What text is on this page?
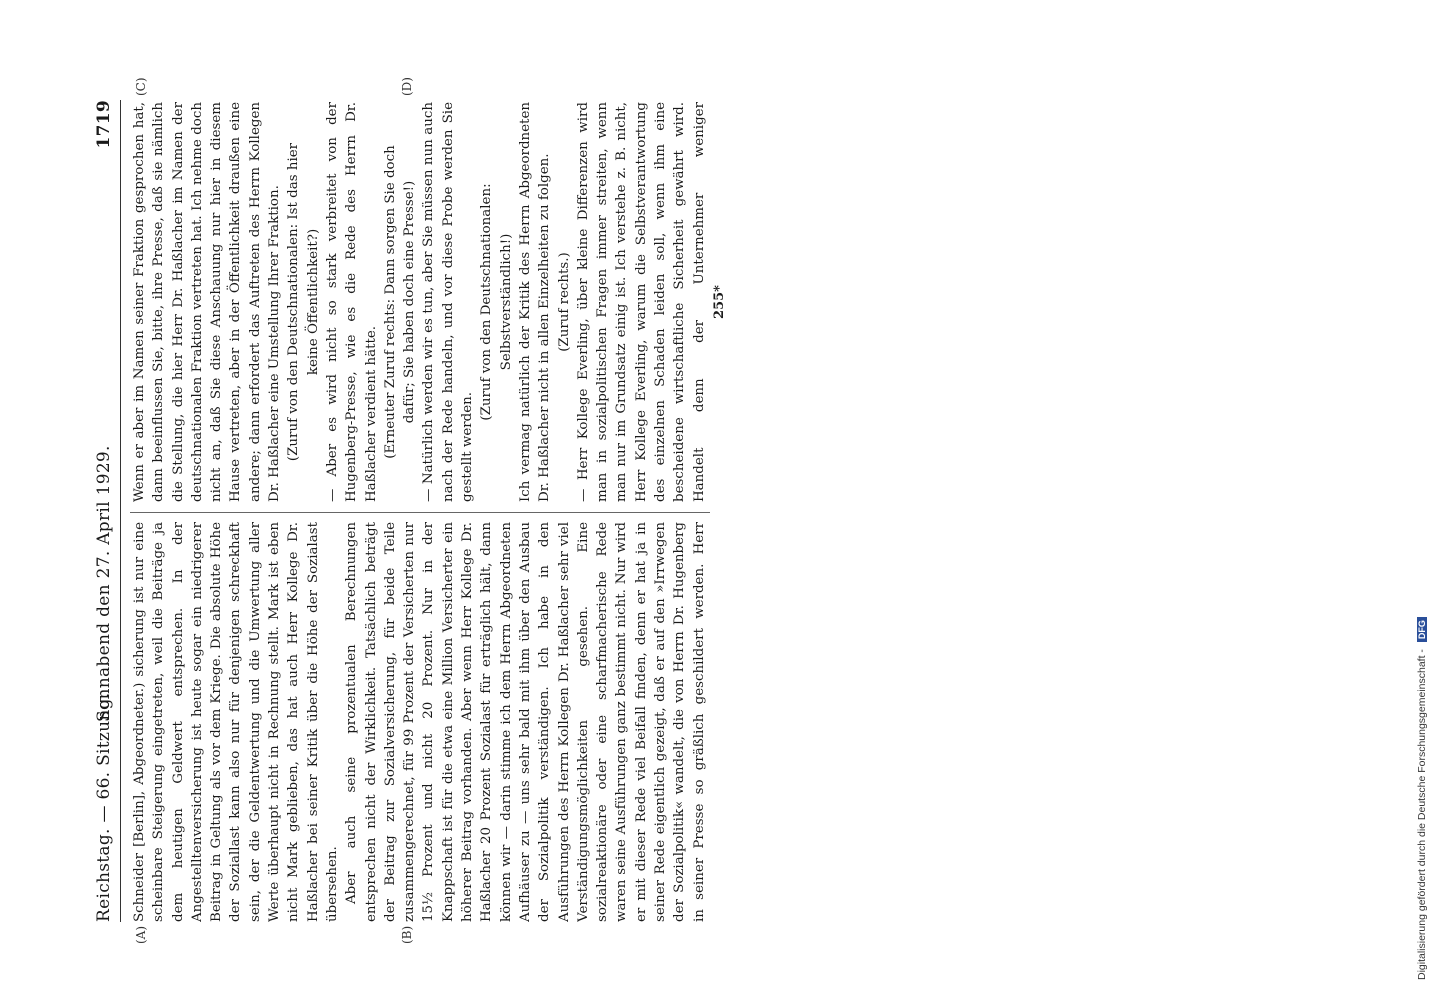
Reichstag. — 66. Sitzung.
Sonnabend den 27. April 1929.
1719
(A)	(B)
(C)	(D)

Schneider [Berlin], Abgeordneter.) sicherung ist nur eine scheinbare Steigerung eingetreten, weil die Beiträge ja dem heutigen Geldwert entsprechen. In der Angestelltenversicherung ist heute sogar ein niedrigerer Beitrag in Geltung als vor dem Kriege. Die absolute Höhe der Soziallast kann also nur für denjenigen schreckhaft sein, der die Geldentwertung und die Umwertung aller Werte überhaupt nicht in Rechnung stellt. Mark ist eben nicht Mark geblieben, das hat auch Herr Kollege Dr. Haßlacher bei seiner Kritik über die Höhe der Sozialast übersehen. Aber auch seine prozentualen Berechnungen entsprechen nicht der Wirklichkeit. Tatsächlich beträgt der Beitrag zur Sozialversicherung, für beide Teile zusammengerechnet, für 99 Prozent der Versicherten nur 15½ Prozent und nicht 20 Prozent. Nur in der Knappschaft ist für die etwa eine Million Versicherter ein höherer Beitrag vorhanden. Aber wenn Herr Kollege Dr. Haßlacher 20 Prozent Sozialast für erträglich hält, dann können wir — darin stimme ich dem Herrn Abgeordneten Aufhäuser zu — uns sehr bald mit ihm über den Ausbau der Sozialpolitik verständigen. Ich habe in den Ausführungen des Herrn Kollegen Dr. Haßlacher sehr viel Verständigungsmöglichkeiten gesehen. Eine sozialreaktionäre oder eine scharfmacherische Rede waren seine Ausführungen ganz bestimmt nicht. Nur wird er mit dieser Rede viel Beifall finden, denn er hat ja in seiner Rede eigentlich gezeigt, daß er auf den »Irrwegen der Sozialpolitik« wandelt, die von Herrn Dr. Hugenberg in seiner Presse so gräßlich geschildert werden. Herr

Wenn er aber im Namen seiner Fraktion gesprochen hat, dann beeinflussen Sie, bitte, ihre Presse, daß sie nämlich die Stellung, die hier Herr Dr. Haßlacher im Namen der deutschnationalen Fraktion vertreten hat. Ich nehme doch nicht an, daß Sie diese Anschauung nur hier in diesem Hause vertreten, aber in der Öffentlichkeit draußen eine andere; dann erfordert das Auftreten des Herrn Kollegen Dr. Haßlacher eine Umstellung Ihrer Fraktion. (Zuruf von den Deutschnationalen: Ist das hier keine Öffentlichkeit?) — Aber es wird nicht so stark verbreitet von der Hugenberg-Presse, wie es die Rede des Herrn Dr. Haßlacher verdient hätte. (Erneuter Zuruf rechts: Dann sorgen Sie doch dafür; Sie haben doch eine Presse!) — Natürlich werden wir es tun, aber Sie müssen nun auch nach der Rede handeln, und vor diese Probe werden Sie gestellt werden.

(Zuruf von den Deutschnationalen: Selbstverständlich!) Ich vermag natürlich der Kritik des Herrn Abgeordneten Dr. Haßlacher nicht in allen Einzelheiten zu folgen. (Zuruf rechts.)

— Herr Kollege Everling, über kleine Differenzen wird man in sozialpolitischen Fragen immer streiten, wenn man nur im Grundsatz einig ist. Ich verstehe z. B. nicht, Herr Kollege Everling, warum die Selbstverantwortung des einzelnen Schaden leiden soll, wenn ihm eine bescheidene wirtschaftliche Sicherheit gewährt wird. Handelt denn der Unternehmer weniger

255*
Digitalisierung gefördert durch die Deutsche Forschungsgemeinschaft - DFG
